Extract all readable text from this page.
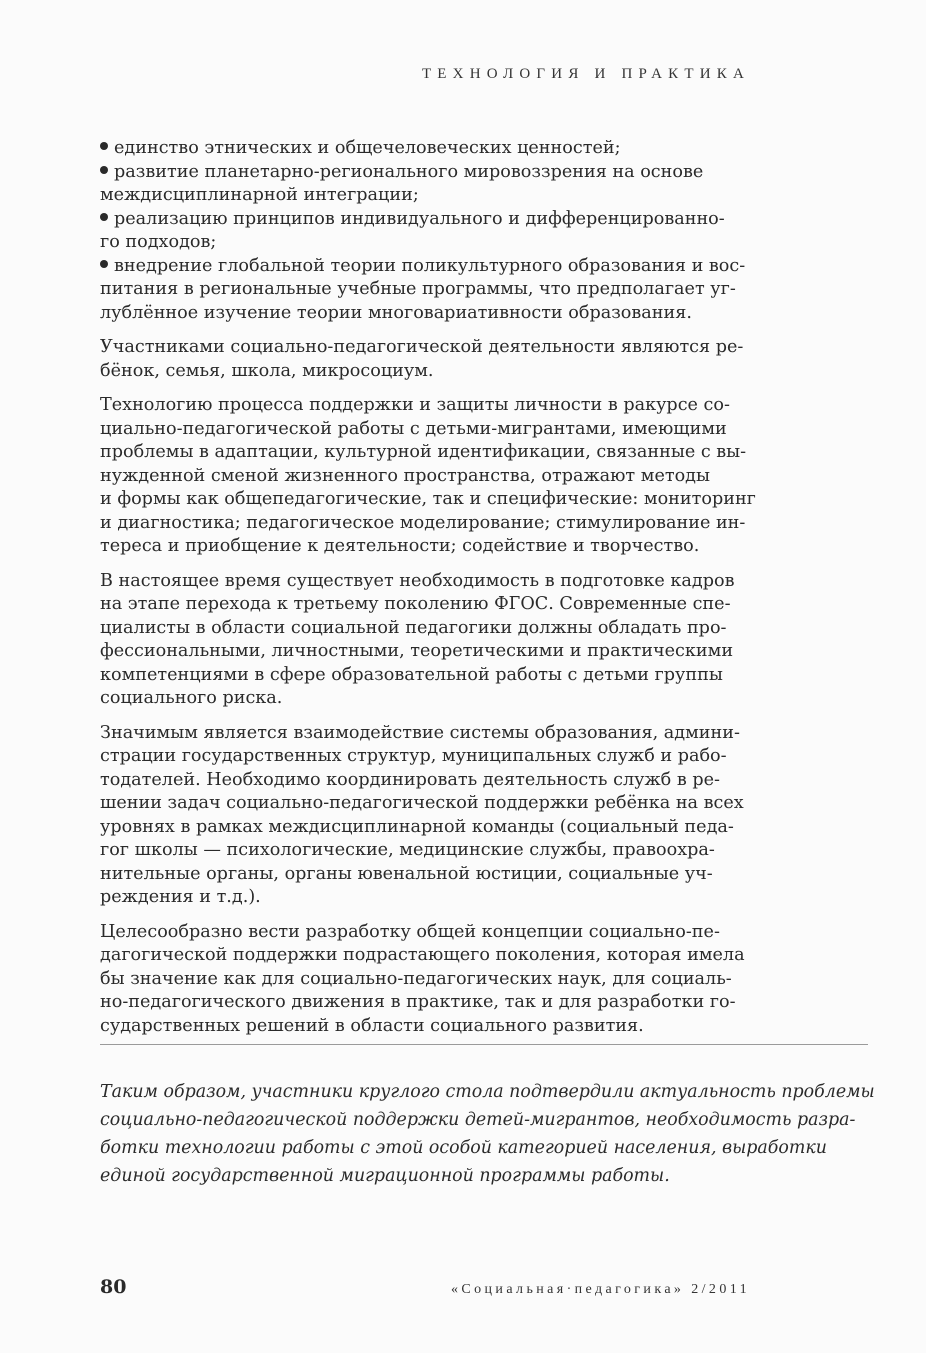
ТЕХНОЛОГИЯ И ПРАКТИКА
единство этнических и общечеловеческих ценностей;
развитие планетарно-регионального мировоззрения на основе
междисциплинарной интеграции;
реализацию принципов индивидуального и дифференцированно-
го подходов;
внедрение глобальной теории поликультурного образования и вос-
питания в региональные учебные программы, что предполагает уг-
лублённое изучение теории многовариативности образования.
Участниками социально-педагогической деятельности являются ре-
бёнок, семья, школа, микросоциум.
Технологию процесса поддержки и защиты личности в ракурсе со-
циально-педагогической работы с детьми-мигрантами, имеющими
проблемы в адаптации, культурной идентификации, связанные с вы-
нужденной сменой жизненного пространства, отражают методы
и формы как общепедагогические, так и специфические: мониторинг
и диагностика; педагогическое моделирование; стимулирование ин-
тереса и приобщение к деятельности; содействие и творчество.
В настоящее время существует необходимость в подготовке кадров
на этапе перехода к третьему поколению ФГОС. Современные спе-
циалисты в области социальной педагогики должны обладать про-
фессиональными, личностными, теоретическими и практическими
компетенциями в сфере образовательной работы с детьми группы
социального риска.
Значимым является взаимодействие системы образования, админи-
страции государственных структур, муниципальных служб и рабо-
тодателей. Необходимо координировать деятельность служб в ре-
шении задач социально-педагогической поддержки ребёнка на всех
уровнях в рамках междисциплинарной команды (социальный педа-
гог школы — психологические, медицинские службы, правоохра-
нительные органы, органы ювенальной юстиции, социальные уч-
реждения и т.д.).
Целесообразно вести разработку общей концепции социально-пе-
дагогической поддержки подрастающего поколения, которая имела
бы значение как для социально-педагогических наук, для социаль-
но-педагогического движения в практике, так и для разработки го-
сударственных решений в области социального развития.
Таким образом, участники круглого стола подтвердили актуальность проблемы
социально-педагогической поддержки детей-мигрантов, необходимость разра-
ботки технологии работы с этой особой категорией населения, выработки
единой государственной миграционной программы работы.
80	«Социальная·педагогика» 2/2011
